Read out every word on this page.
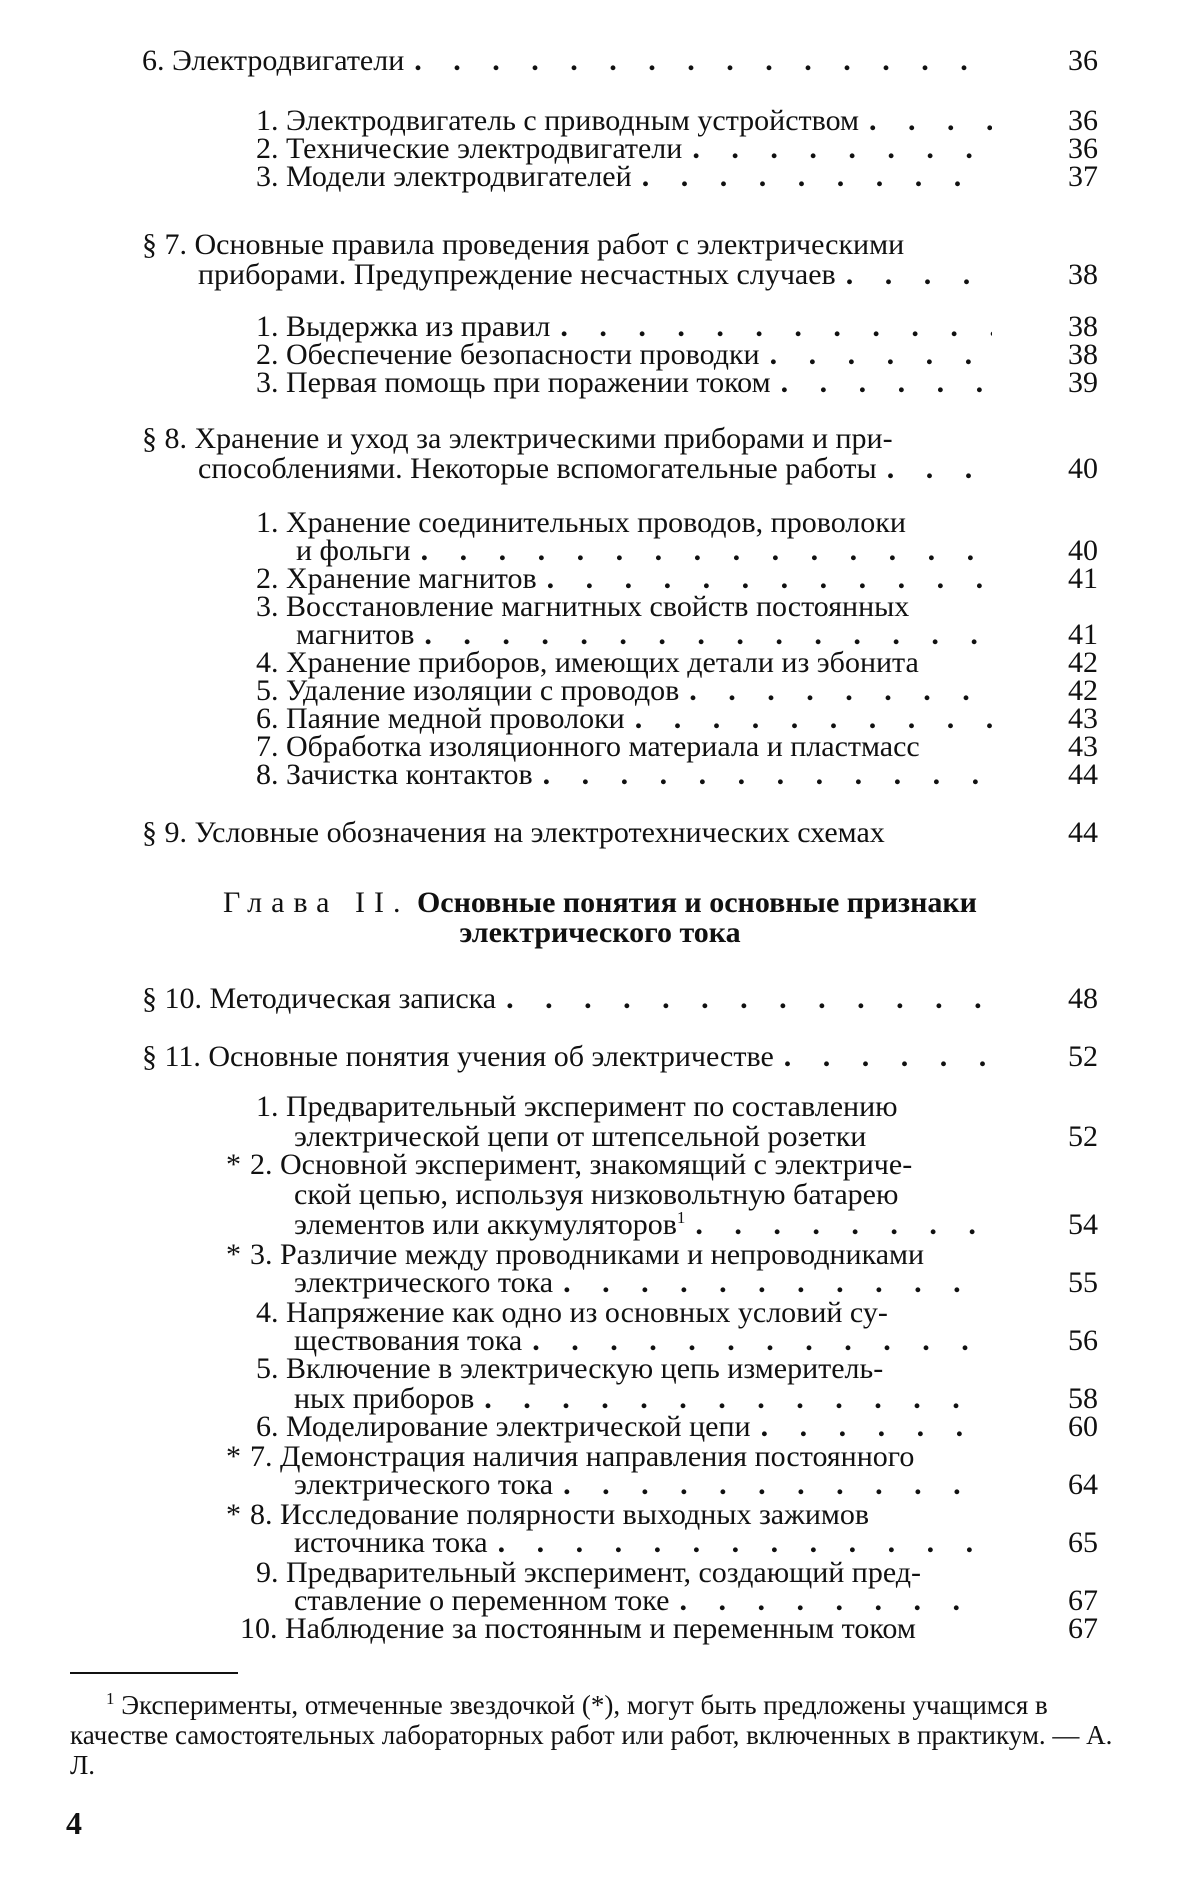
6. Электродвигатели . . .	36
1. Электродвигатель с приводным устройством . . .	36
2. Технические электродвигатели . . .	36
3. Модели электродвигателей . . .	37
§ 7. Основные правила проведения работ с электрическими
приборами. Предупреждение несчастных случаев . . .	38
1. Выдержка из правил . . .	38
2. Обеспечение безопасности проводки . . .	38
3. Первая помощь при поражении током . . .	39
§ 8. Хранение и уход за электрическими приборами и при-
способлениями. Некоторые вспомогательные работы . . .	40
1. Хранение соединительных проводов, проволоки
и фольги . . .	40
2. Хранение магнитов . . .	41
3. Восстановление магнитных свойств постоянных
магнитов . . .	41
4. Хранение приборов, имеющих детали из эбонита	42
5. Удаление изоляции с проводов . . .	42
6. Паяние медной проволоки . . .	43
7. Обработка изоляционного материала и пластмасс	43
8. Зачистка контактов . . .	44
§ 9. Условные обозначения на электротехнических схемах	44
Глава II. Основные понятия и основные признаки
электрического тока
§ 10. Методическая записка . . .	48
§ 11. Основные понятия учения об электричестве . . .	52
1. Предварительный эксперимент по составлению
электрической цепи от штепсельной розетки	52
* 2. Основной эксперимент, знакомящий с электриче-
ской цепью, используя низковольтную батарею
элементов или аккумуляторов$^1$ . . .	54
* 3. Различие между проводниками и непроводниками
электрического тока . . .	55
4. Напряжение как одно из основных условий су-
ществования тока . . .	56
5. Включение в электрическую цепь измеритель-
ных приборов . . .	58
6. Моделирование электрической цепи . . .	60
* 7. Демонстрация наличия направления постоянного
электрического тока . . .	64
* 8. Исследование полярности выходных зажимов
источника тока . . .	65
9. Предварительный эксперимент, создающий пред-
ставление о переменном токе . . .	67
10. Наблюдение за постоянным и переменным током	67
$^1$ Эксперименты, отмеченные звездочкой (*), могут быть предложены учащимся в качестве самостоятельных лабораторных работ или работ, включенных в практикум. — А. Л.
4
